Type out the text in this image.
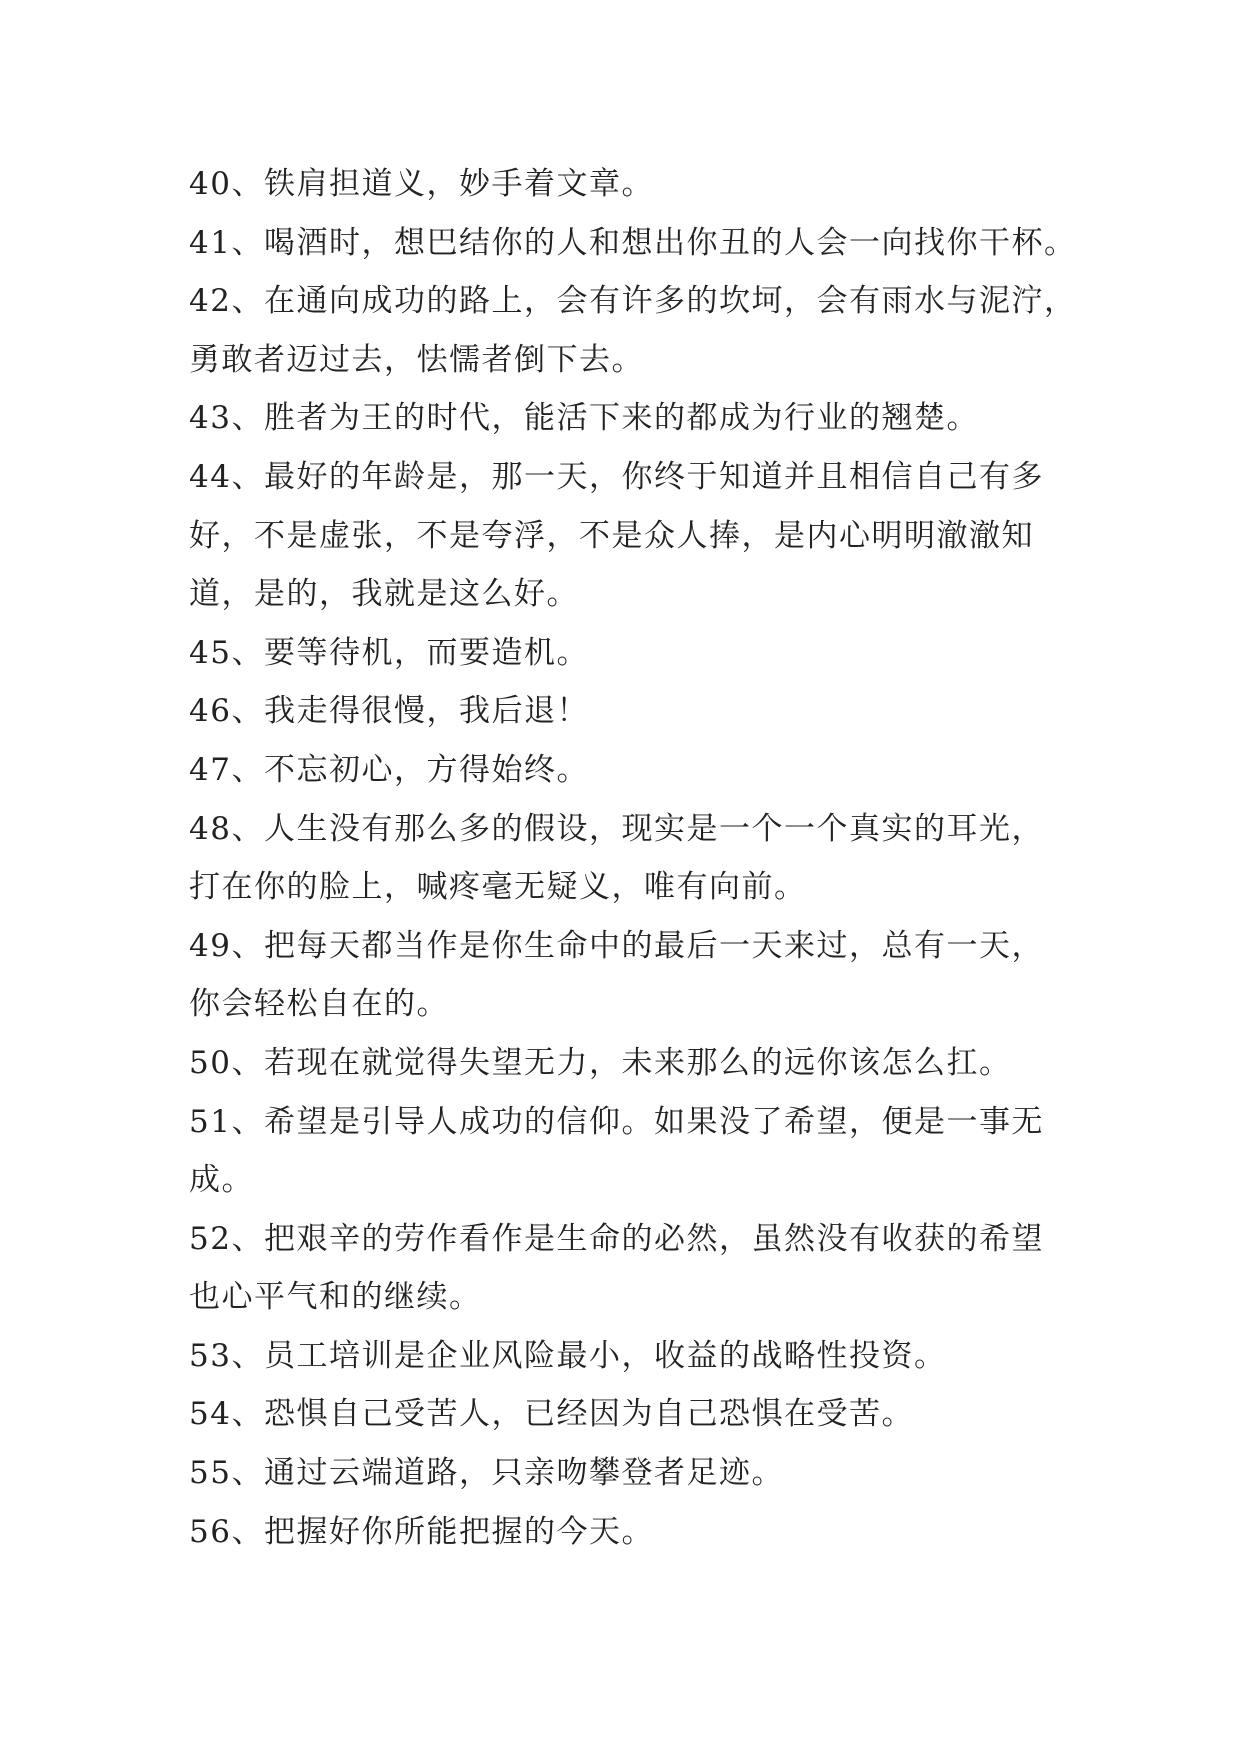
40、铁肩担道义，妙手着文章。
41、喝酒时，想巴结你的人和想出你丑的人会一向找你干杯。
42、在通向成功的路上，会有许多的坎坷，会有雨水与泥泞，
勇敢者迈过去，怯懦者倒下去。
43、胜者为王的时代，能活下来的都成为行业的翘楚。
44、最好的年龄是，那一天，你终于知道并且相信自己有多
好，不是虚张，不是夸浮，不是众人捧，是内心明明澈澈知
道，是的，我就是这么好。
45、要等待机，而要造机。
46、我走得很慢，我后退！
47、不忘初心，方得始终。
48、人生没有那么多的假设，现实是一个一个真实的耳光，
打在你的脸上，喊疼毫无疑义，唯有向前。
49、把每天都当作是你生命中的最后一天来过，总有一天，
你会轻松自在的。
50、若现在就觉得失望无力，未来那么的远你该怎么扛。
51、希望是引导人成功的信仰。如果没了希望，便是一事无
成。
52、把艰辛的劳作看作是生命的必然，虽然没有收获的希望
也心平气和的继续。
53、员工培训是企业风险最小，收益的战略性投资。
54、恐惧自己受苦人，已经因为自己恐惧在受苦。
55、通过云端道路，只亲吻攀登者足迹。
56、把握好你所能把握的今天。
